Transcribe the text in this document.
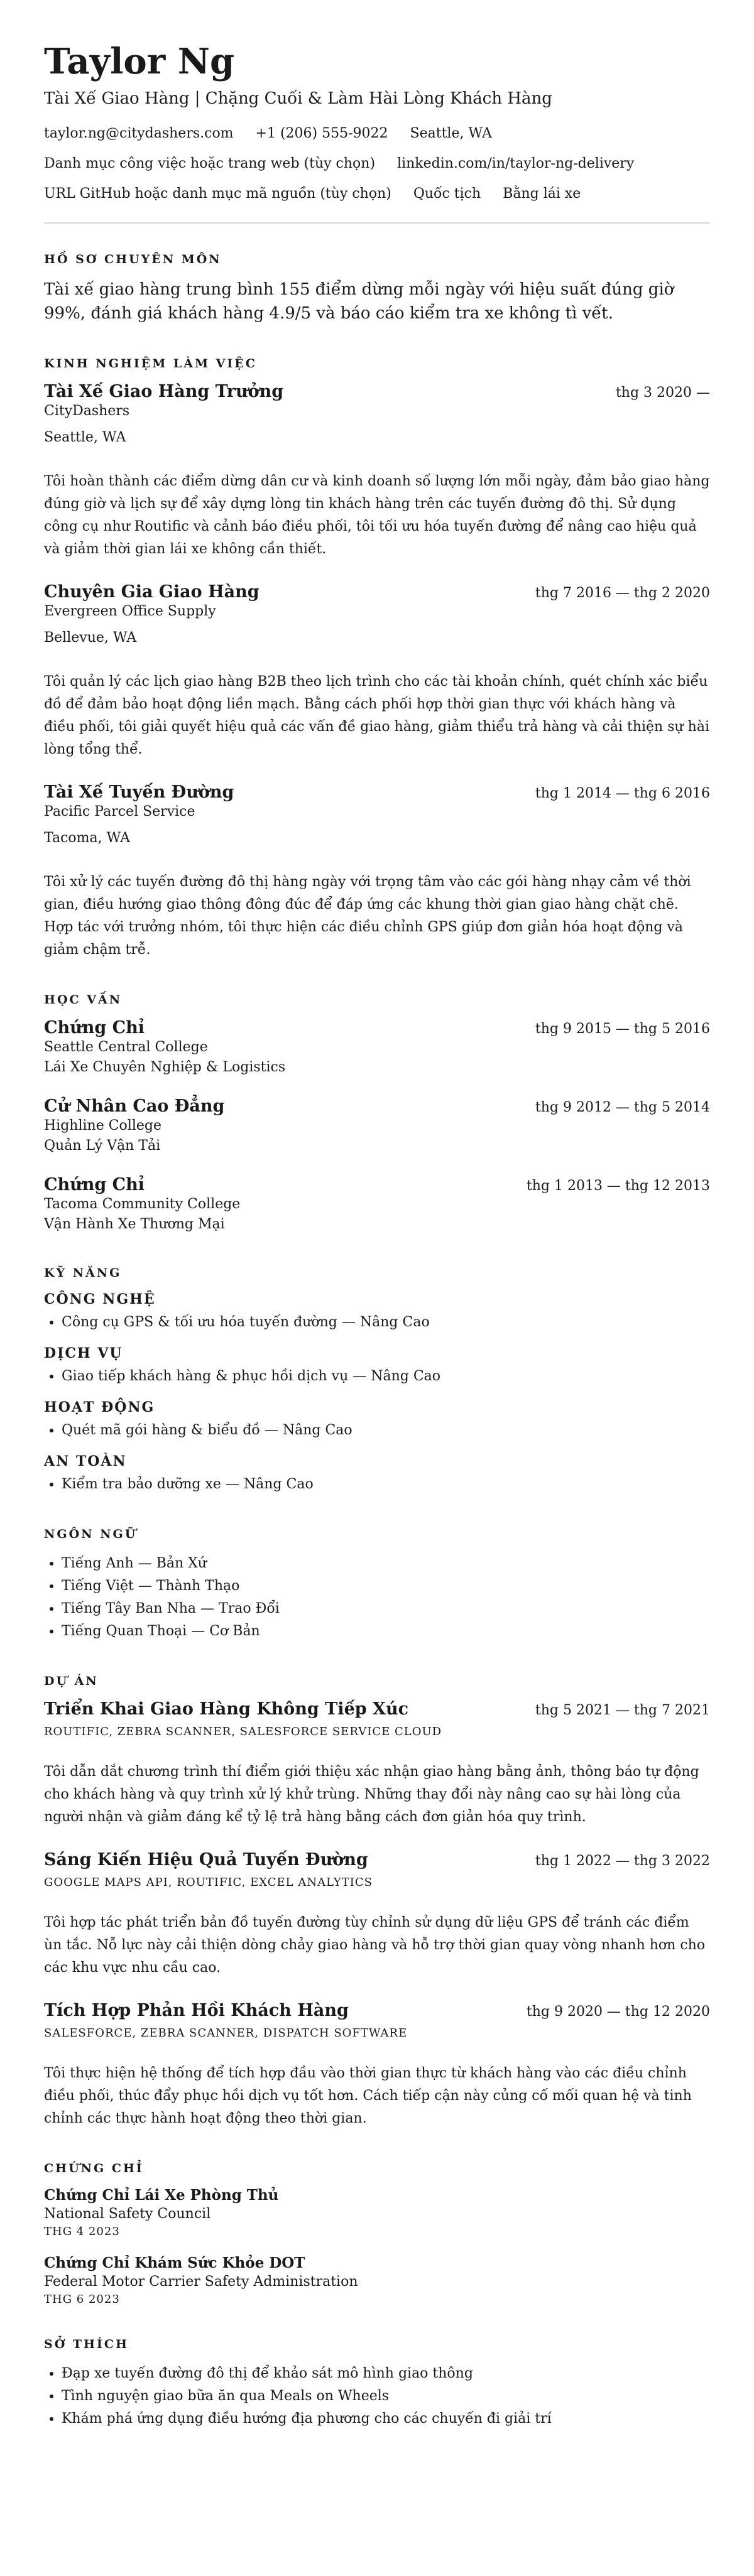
Taylor Ng
Tài Xế Giao Hàng | Chặng Cuối & Làm Hài Lòng Khách Hàng
taylor.ng@citydashers.com +1 (206) 555-9022 Seattle, WA
Danh mục công việc hoặc trang web (tùy chọn) linkedin.com/in/taylor-ng-delivery
URL GitHub hoặc danh mục mã nguồn (tùy chọn) Quốc tịch Bằng lái xe
HỒ SƠ CHUYÊN MÔN
Tài xế giao hàng trung bình 155 điểm dừng mỗi ngày với hiệu suất đúng giờ 99%, đánh giá khách hàng 4.9/5 và báo cáo kiểm tra xe không tì vết.
KINH NGHIỆM LÀM VIỆC
Tài Xế Giao Hàng Trưởng	thg 3 2020 —
CityDashers
Seattle, WA
Tôi hoàn thành các điểm dừng dân cư và kinh doanh số lượng lớn mỗi ngày, đảm bảo giao hàng đúng giờ và lịch sự để xây dựng lòng tin khách hàng trên các tuyến đường đô thị. Sử dụng công cụ như Routific và cảnh báo điều phối, tôi tối ưu hóa tuyến đường để nâng cao hiệu quả và giảm thời gian lái xe không cần thiết.
Chuyên Gia Giao Hàng	thg 7 2016 — thg 2 2020
Evergreen Office Supply
Bellevue, WA
Tôi quản lý các lịch giao hàng B2B theo lịch trình cho các tài khoản chính, quét chính xác biểu đồ để đảm bảo hoạt động liền mạch. Bằng cách phối hợp thời gian thực với khách hàng và điều phối, tôi giải quyết hiệu quả các vấn đề giao hàng, giảm thiểu trả hàng và cải thiện sự hài lòng tổng thể.
Tài Xế Tuyến Đường	thg 1 2014 — thg 6 2016
Pacific Parcel Service
Tacoma, WA
Tôi xử lý các tuyến đường đô thị hàng ngày với trọng tâm vào các gói hàng nhạy cảm về thời gian, điều hướng giao thông đông đúc để đáp ứng các khung thời gian giao hàng chặt chẽ. Hợp tác với trưởng nhóm, tôi thực hiện các điều chỉnh GPS giúp đơn giản hóa hoạt động và giảm chậm trễ.
HỌC VẤN
Chứng Chỉ	thg 9 2015 — thg 5 2016
Seattle Central College
Lái Xe Chuyên Nghiệp & Logistics
Cử Nhân Cao Đẳng	thg 9 2012 — thg 5 2014
Highline College
Quản Lý Vận Tải
Chứng Chỉ	thg 1 2013 — thg 12 2013
Tacoma Community College
Vận Hành Xe Thương Mại
KỸ NĂNG
CÔNG NGHỆ
• Công cụ GPS & tối ưu hóa tuyến đường — Nâng Cao
DỊCH VỤ
• Giao tiếp khách hàng & phục hồi dịch vụ — Nâng Cao
HOẠT ĐỘNG
• Quét mã gói hàng & biểu đồ — Nâng Cao
AN TOÀN
• Kiểm tra bảo dưỡng xe — Nâng Cao
NGÔN NGỮ
• Tiếng Anh — Bản Xứ
• Tiếng Việt — Thành Thạo
• Tiếng Tây Ban Nha — Trao Đổi
• Tiếng Quan Thoại — Cơ Bản
DỰ ÁN
Triển Khai Giao Hàng Không Tiếp Xúc	thg 5 2021 — thg 7 2021
ROUTIFIC, ZEBRA SCANNER, SALESFORCE SERVICE CLOUD
Tôi dẫn dắt chương trình thí điểm giới thiệu xác nhận giao hàng bằng ảnh, thông báo tự động cho khách hàng và quy trình xử lý khử trùng. Những thay đổi này nâng cao sự hài lòng của người nhận và giảm đáng kể tỷ lệ trả hàng bằng cách đơn giản hóa quy trình.
Sáng Kiến Hiệu Quả Tuyến Đường	thg 1 2022 — thg 3 2022
GOOGLE MAPS API, ROUTIFIC, EXCEL ANALYTICS
Tôi hợp tác phát triển bản đồ tuyến đường tùy chỉnh sử dụng dữ liệu GPS để tránh các điểm ùn tắc. Nỗ lực này cải thiện dòng chảy giao hàng và hỗ trợ thời gian quay vòng nhanh hơn cho các khu vực nhu cầu cao.
Tích Hợp Phản Hồi Khách Hàng	thg 9 2020 — thg 12 2020
SALESFORCE, ZEBRA SCANNER, DISPATCH SOFTWARE
Tôi thực hiện hệ thống để tích hợp đầu vào thời gian thực từ khách hàng vào các điều chỉnh điều phối, thúc đẩy phục hồi dịch vụ tốt hơn. Cách tiếp cận này củng cố mối quan hệ và tinh chỉnh các thực hành hoạt động theo thời gian.
CHỨNG CHỈ
Chứng Chỉ Lái Xe Phòng Thủ
National Safety Council
THG 4 2023
Chứng Chỉ Khám Sức Khỏe DOT
Federal Motor Carrier Safety Administration
THG 6 2023
SỞ THÍCH
• Đạp xe tuyến đường đô thị để khảo sát mô hình giao thông
• Tình nguyện giao bữa ăn qua Meals on Wheels
• Khám phá ứng dụng điều hướng địa phương cho các chuyến đi giải trí
